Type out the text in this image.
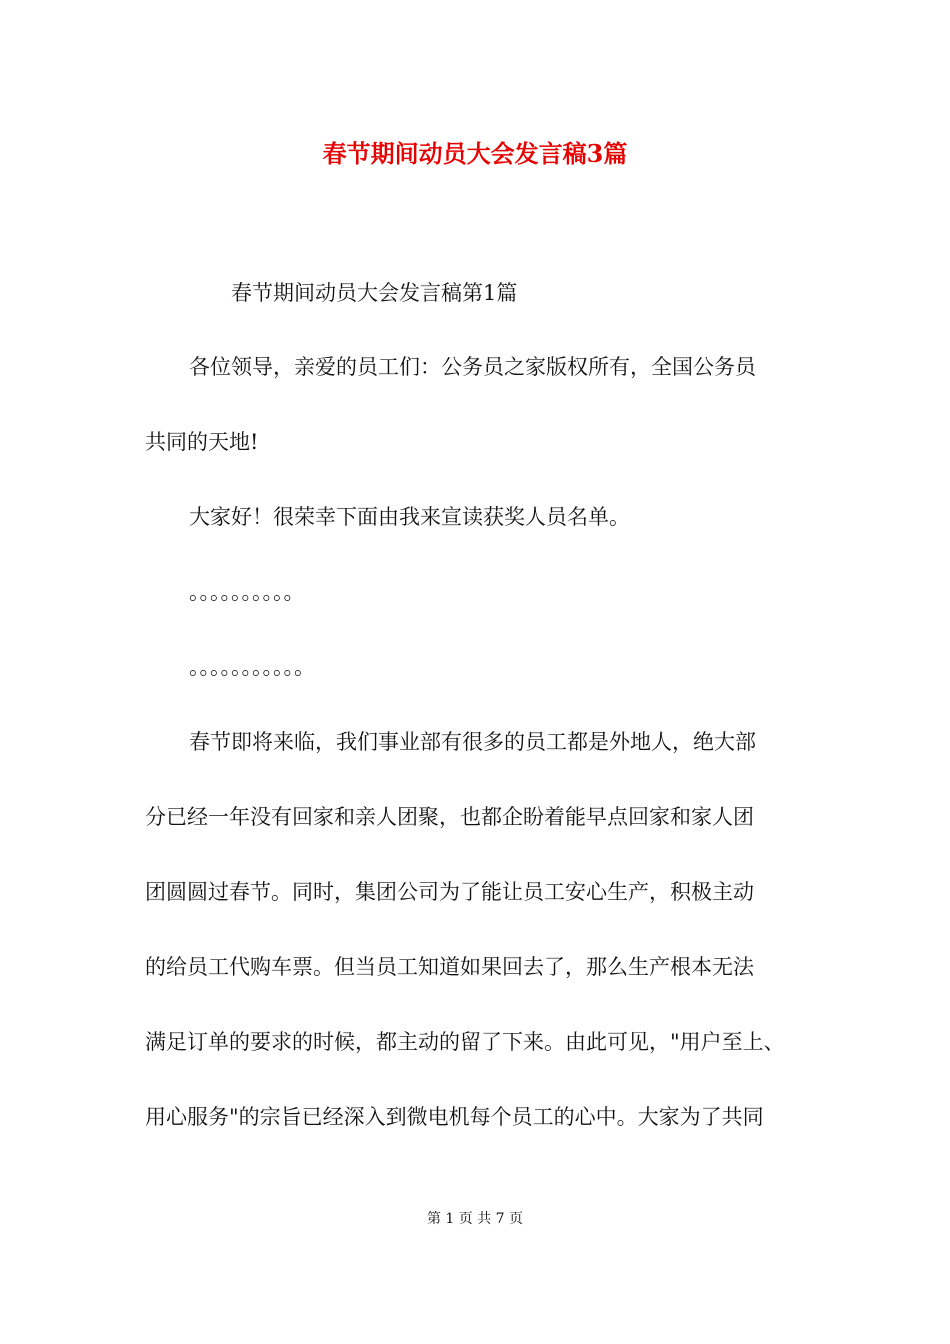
春节期间动员大会发言稿3篇

春节期间动员大会发言稿第1篇

各位领导，亲爱的员工们：公务员之家版权所有，全国公务员

共同的天地!

大家好！很荣幸下面由我来宣读获奖人员名单。

。。。。。。。。。。

。。。。。。。。。。。

春节即将来临，我们事业部有很多的员工都是外地人，绝大部

分已经一年没有回家和亲人团聚，也都企盼着能早点回家和家人团

团圆圆过春节。同时，集团公司为了能让员工安心生产，积极主动

的给员工代购车票。但当员工知道如果回去了，那么生产根本无法

满足订单的要求的时候，都主动的留了下来。由此可见，"用户至上、

用心服务"的宗旨已经深入到微电机每个员工的心中。大家为了共同

第 1 页 共 7 页
